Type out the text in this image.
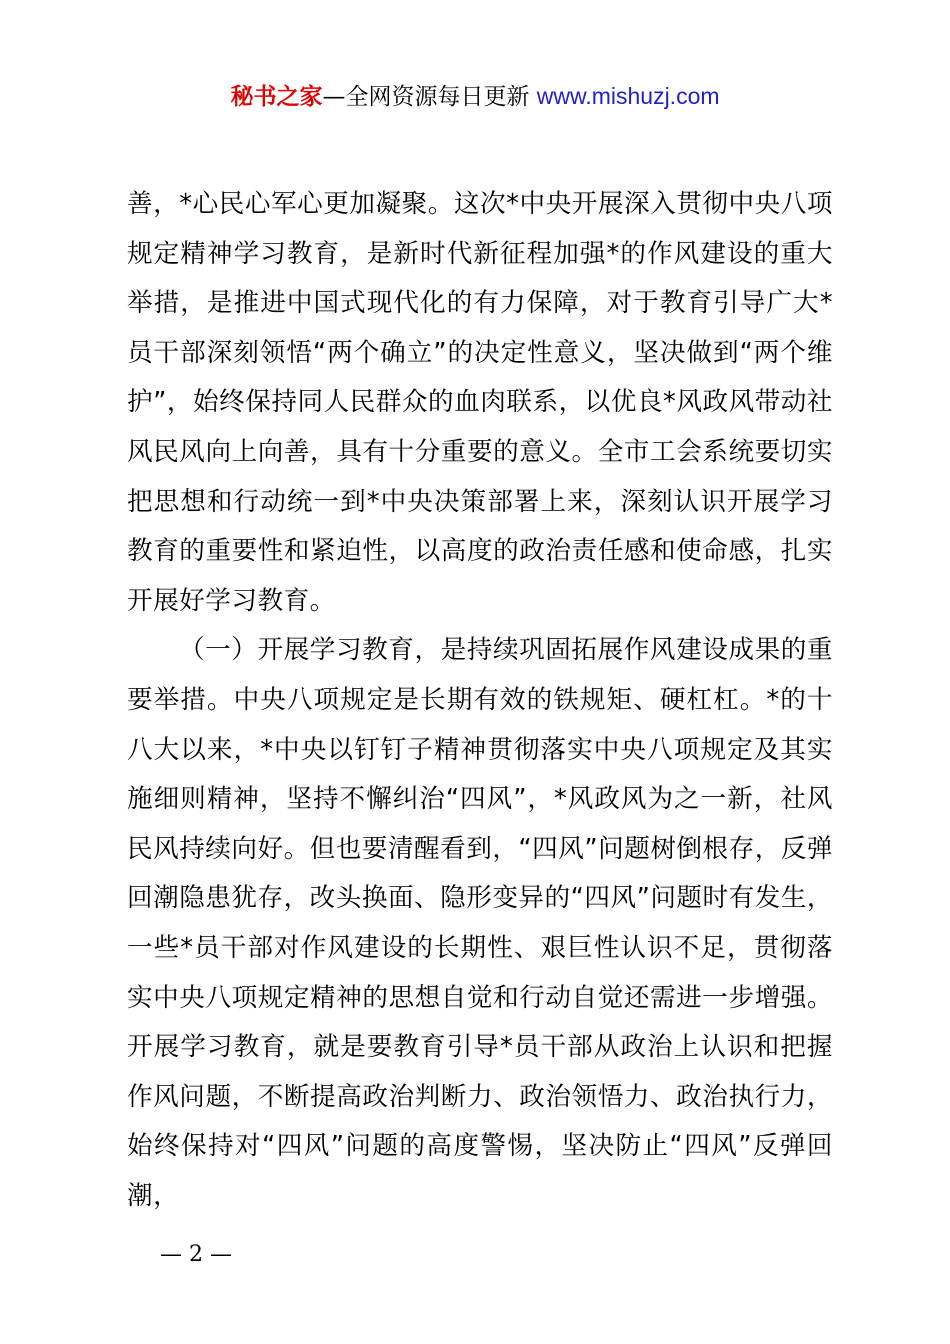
秘书之家—全网资源每日更新 www.mishuzj.com

善，*心民心军心更加凝聚。这次*中央开展深入贯彻中央八项规定精神学习教育，是新时代新征程加强*的作风建设的重大举措，是推进中国式现代化的有力保障，对于教育引导广大*员干部深刻领悟“两个确立”的决定性意义，坚决做到“两个维护”，始终保持同人民群众的血肉联系，以优良*风政风带动社风民风向上向善，具有十分重要的意义。全市工会系统要切实把思想和行动统一到*中央决策部署上来，深刻认识开展学习教育的重要性和紧迫性，以高度的政治责任感和使命感，扎实开展好学习教育。

（一）开展学习教育，是持续巩固拓展作风建设成果的重要举措。中央八项规定是长期有效的铁规矩、硬杠杠。*的十八大以来，*中央以钉钉子精神贯彻落实中央八项规定及其实施细则精神，坚持不懈纠治“四风”，*风政风为之一新，社风民风持续向好。但也要清醒看到，“四风”问题树倒根存，反弹回潮隐患犹存，改头换面、隐形变异的“四风”问题时有发生，一些*员干部对作风建设的长期性、艰巨性认识不足，贯彻落实中央八项规定精神的思想自觉和行动自觉还需进一步增强。开展学习教育，就是要教育引导*员干部从政治上认识和把握作风问题，不断提高政治判断力、政治领悟力、政治执行力，始终保持对“四风”问题的高度警惕，坚决防止“四风”反弹回潮，

— 2 —
